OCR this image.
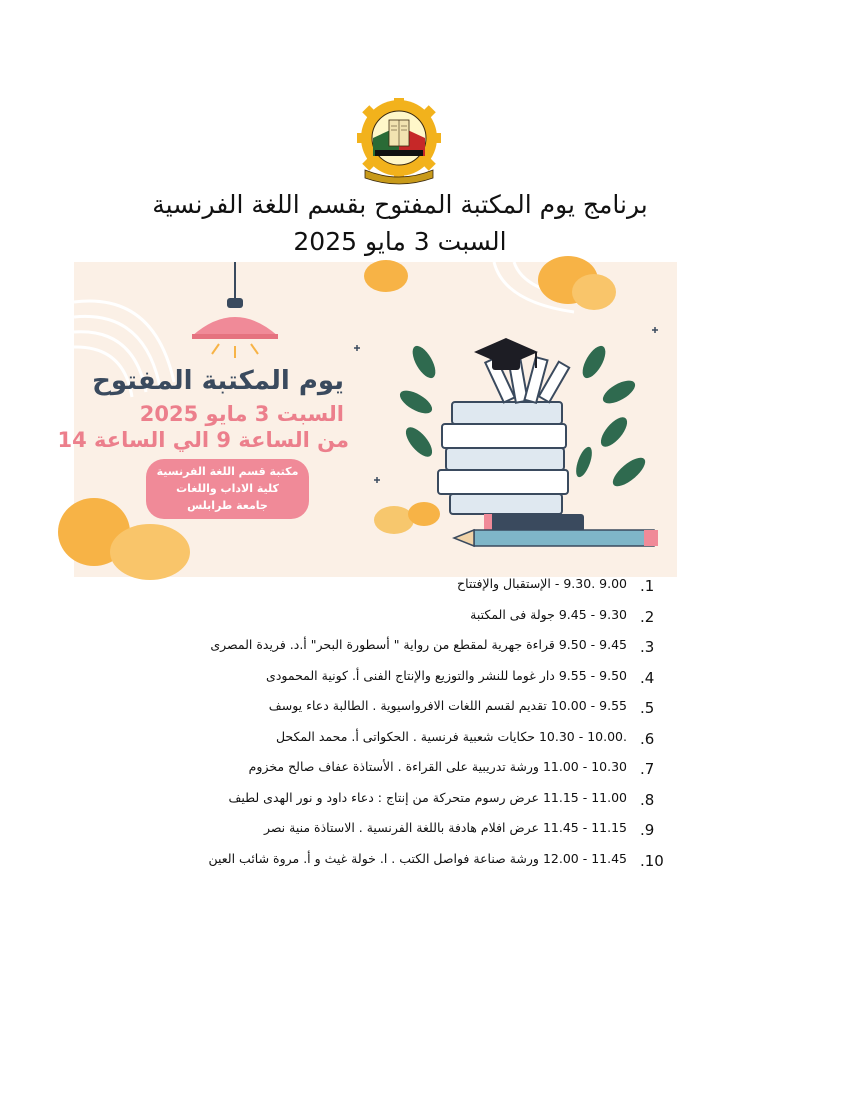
برنامج يوم المكتبة المفتوح بقسم اللغة الفرنسية
السبت 3 مايو 2025
يوم المكتبة المفتوح
السبت 3 مايو 2025
من الساعة 9 الي الساعة 14
مكتبة قسم اللغة الفرنسية
كلية الاداب واللغات
جامعة طرابلس
.1
9.00 .9.30 - الإستقبال والإفتتاح
.2
9.30 - 9.45 جولة فى المكتبة
.3
9.45 - 9.50 قراءة جهرية لمقطع من رواية " أسطورة البحر" أ.د. فريدة المصرى
.4
9.50 - 9.55 دار غوما للنشر والتوزيع والإنتاج الفنى أ. كونية المحمودى
.5
9.55 - 10.00 تقديم لقسم اللغات الافرواسيوية . الطالبة دعاء يوسف
.6
.10.00 - 10.30 حكايات شعبية فرنسية . الحكواتى أ. محمد المكحل
.7
10.30 - 11.00 ورشة تدريبية على القراءة . الأستاذة عفاف صالح مخزوم
.8
11.00 - 11.15 عرض رسوم متحركة من إنتاج : دعاء داود و نور الهدى لطيف
.9
11.15 - 11.45 عرض افلام هادفة باللغة الفرنسية . الاستاذة منية نصر
.10
11.45 - 12.00 ورشة صناعة فواصل الكتب . ا. خولة غيث و أ. مروة شائب العين
